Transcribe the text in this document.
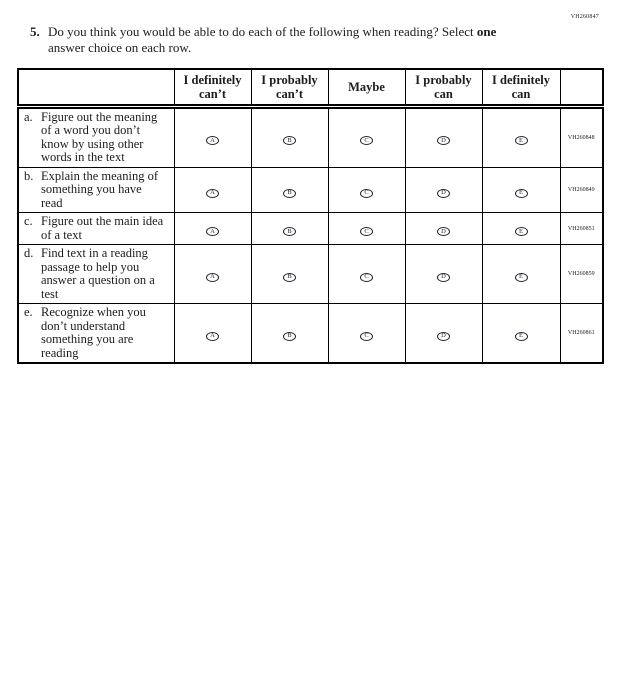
VH260847
5. Do you think you would be able to do each of the following when reading? Select one
answer choice on each row.
	I definitely can’t	I probably can’t	Maybe	I probably can	I definitely can	

a. Figure out the meaning of a word you don’t know by using other words in the text	A	B	C	D	E	VH260848

b. Explain the meaning of something you have read	A	B	C	D	E	VH260849

c. Figure out the main idea of a text	A	B	C	D	E	VH260851

d. Find text in a reading passage to help you answer a question on a test	A	B	C	D	E	VH260859

e. Recognize when you don’t understand something you are reading	A	B	C	D	E	VH260861
